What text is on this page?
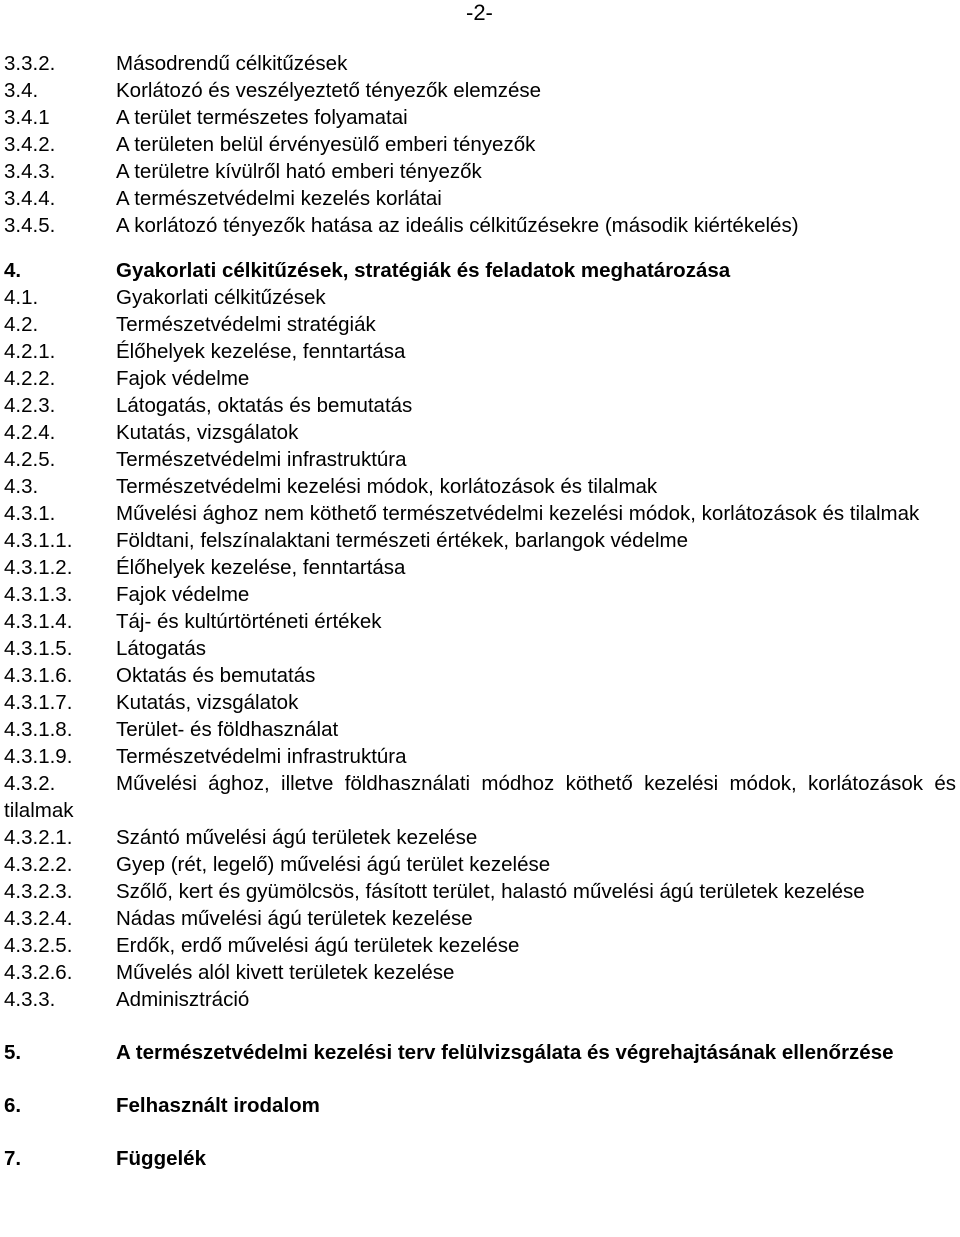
-2-
3.3.2.	Másodrendű célkitűzések
3.4.	Korlátozó és veszélyeztető tényezők elemzése
3.4.1	A terület természetes folyamatai
3.4.2.	A területen belül érvényesülő emberi tényezők
3.4.3.	A területre kívülről ható emberi tényezők
3.4.4.	A természetvédelmi kezelés korlátai
3.4.5.	A korlátozó tényezők hatása az ideális célkitűzésekre (második kiértékelés)
4.	Gyakorlati célkitűzések, stratégiák és feladatok meghatározása
4.1.	Gyakorlati célkitűzések
4.2.	Természetvédelmi stratégiák
4.2.1.	Élőhelyek kezelése, fenntartása
4.2.2.	Fajok védelme
4.2.3.	Látogatás, oktatás és bemutatás
4.2.4.	Kutatás, vizsgálatok
4.2.5.	Természetvédelmi infrastruktúra
4.3.	Természetvédelmi kezelési módok, korlátozások és tilalmak
4.3.1.	Művelési ághoz nem köthető természetvédelmi kezelési módok, korlátozások és tilalmak
4.3.1.1. Földtani, felszínalaktani természeti értékek, barlangok védelme
4.3.1.2. Élőhelyek kezelése, fenntartása
4.3.1.3. Fajok védelme
4.3.1.4. Táj- és kultúrtörténeti értékek
4.3.1.5. Látogatás
4.3.1.6. Oktatás és bemutatás
4.3.1.7. Kutatás, vizsgálatok
4.3.1.8. Terület- és földhasználat
4.3.1.9. Természetvédelmi infrastruktúra
4.3.2.	Művelési ághoz, illetve földhasználati módhoz köthető kezelési módok, korlátozások és tilalmak
4.3.2.1. Szántó művelési ágú területek kezelése
4.3.2.2. Gyep (rét, legelő) művelési ágú terület kezelése
4.3.2.3.	Szőlő, kert és gyümölcsös, fásított terület, halastó művelési ágú területek kezelése
4.3.2.4. Nádas művelési ágú területek kezelése
4.3.2.5. Erdők, erdő művelési ágú területek kezelése
4.3.2.6. Művelés alól kivett területek kezelése
4.3.3.	Adminisztráció
5.	A természetvédelmi kezelési terv felülvizsgálata és végrehajtásának ellenőrzése
6.	Felhasznált irodalom
7.	Függelék
